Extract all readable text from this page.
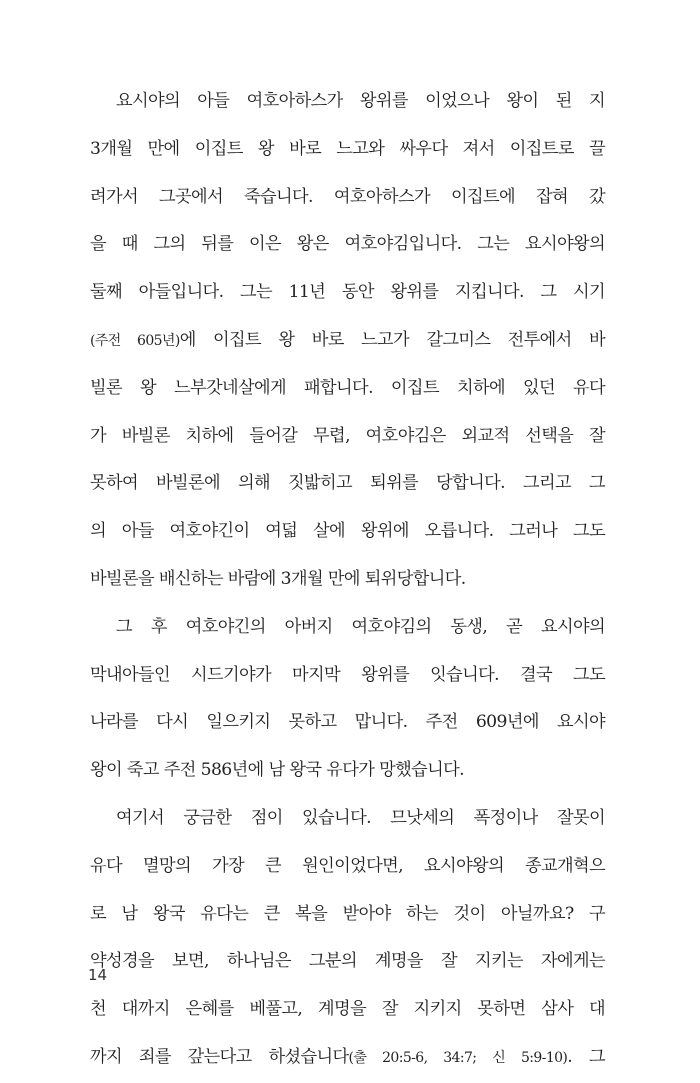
요시야의 아들 여호아하스가 왕위를 이었으나 왕이 된 지
3개월 만에 이집트 왕 바로 느고와 싸우다 져서 이집트로 끌
려가서 그곳에서 죽습니다. 여호아하스가 이집트에 잡혀 갔
을 때 그의 뒤를 이은 왕은 여호야김입니다. 그는 요시야왕의
둘째 아들입니다. 그는 11년 동안 왕위를 지킵니다. 그 시기
(주전 605년)에 이집트 왕 바로 느고가 갈그미스 전투에서 바
빌론 왕 느부갓네살에게 패합니다. 이집트 치하에 있던 유다
가 바빌론 치하에 들어갈 무렵, 여호야김은 외교적 선택을 잘
못하여 바빌론에 의해 짓밟히고 퇴위를 당합니다. 그리고 그
의 아들 여호야긴이 여덟 살에 왕위에 오릅니다. 그러나 그도
바빌론을 배신하는 바람에 3개월 만에 퇴위당합니다.
그 후 여호야긴의 아버지 여호야김의 동생, 곧 요시야의
막내아들인 시드기야가 마지막 왕위를 잇습니다. 결국 그도
나라를 다시 일으키지 못하고 맙니다. 주전 609년에 요시야
왕이 죽고 주전 586년에 남 왕국 유다가 망했습니다.
여기서 궁금한 점이 있습니다. 므낫세의 폭정이나 잘못이
유다 멸망의 가장 큰 원인이었다면, 요시야왕의 종교개혁으
로 남 왕국 유다는 큰 복을 받아야 하는 것이 아닐까요? 구
약성경을 보면, 하나님은 그분의 계명을 잘 지키는 자에게는
천 대까지 은혜를 베풀고, 계명을 잘 지키지 못하면 삼사 대
까지 죄를 갚는다고 하셨습니다(출 20:5-6, 34:7; 신 5:9-10). 그
14
